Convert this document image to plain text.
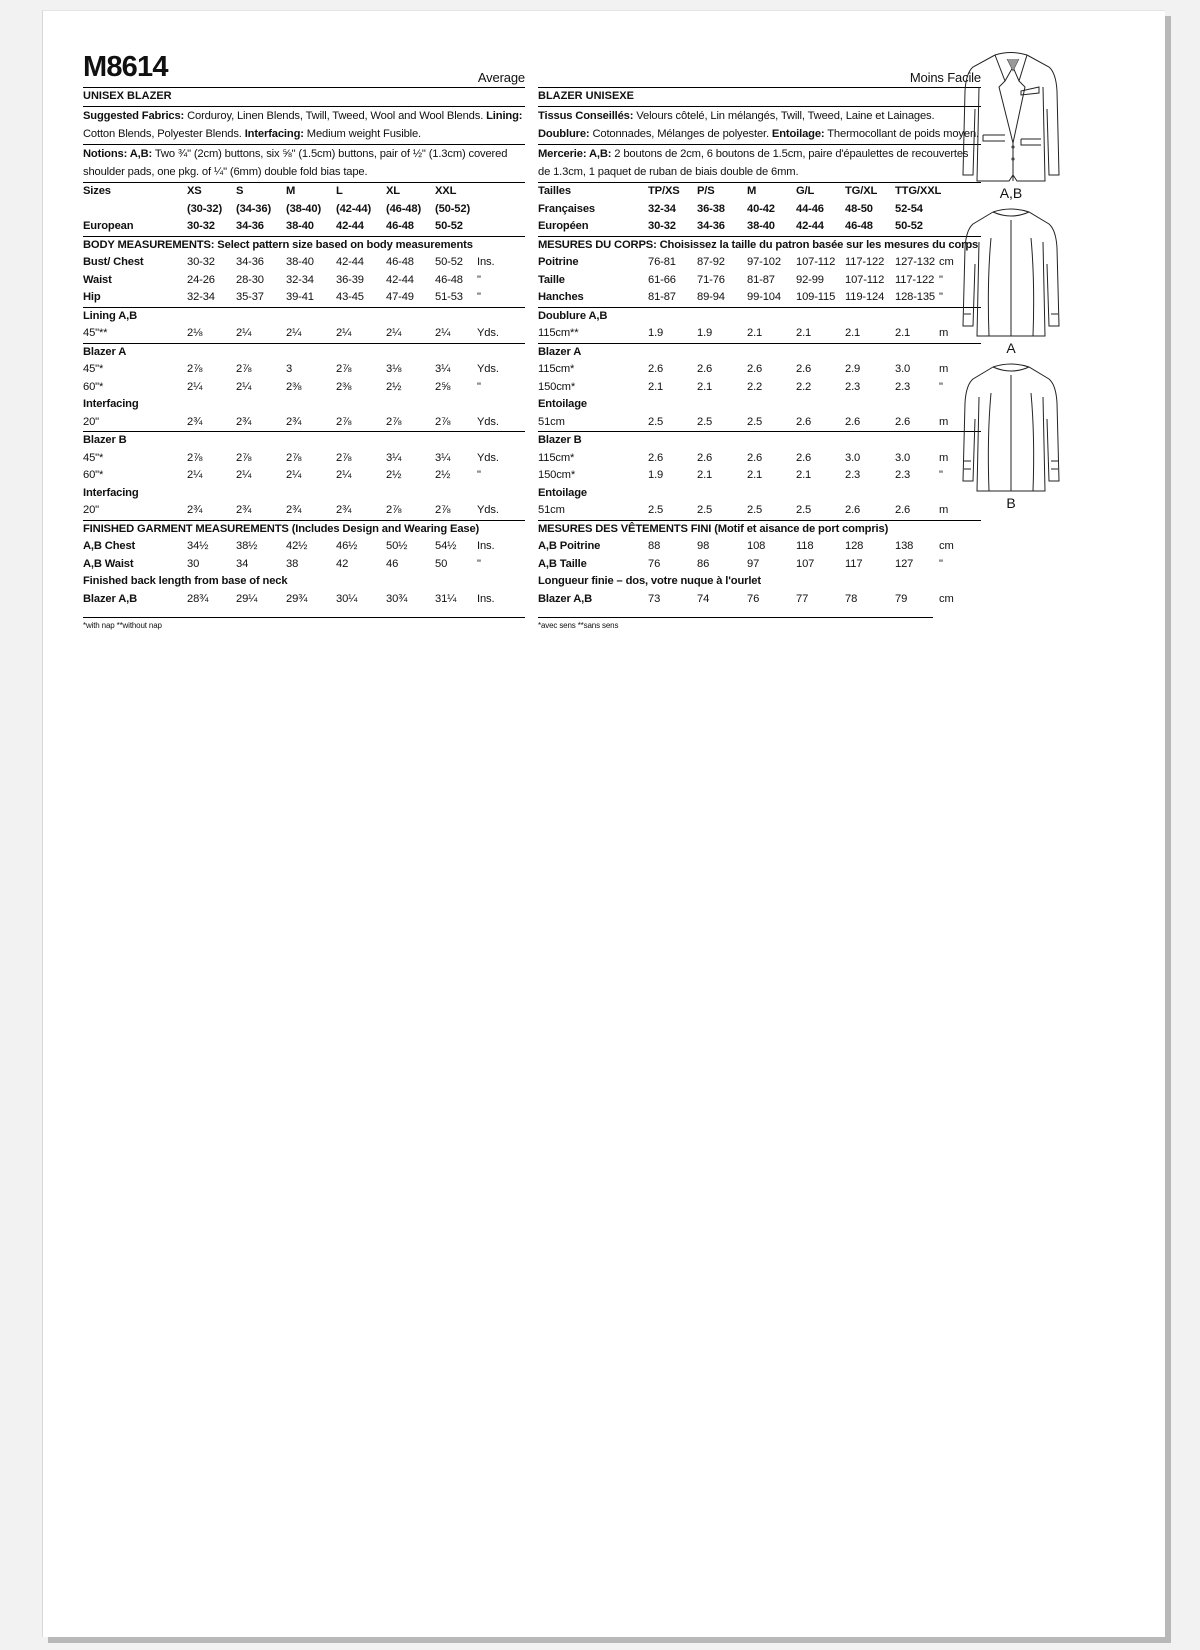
M8614	Average
UNISEX BLAZER
Suggested Fabrics: Corduroy, Linen Blends, Twill, Tweed, Wool and Wool Blends. Lining: Cotton Blends, Polyester Blends. Interfacing: Medium weight Fusible.
Notions: A,B: Two ¾" (2cm) buttons, six ⅝" (1.5cm) buttons, pair of ½" (1.3cm) covered shoulder pads, one pkg. of ¼" (6mm) double fold bias tape.
Sizes	XS	S	M	L	XL	XXL
(30-32) (34-36) (38-40) (42-44) (46-48) (50-52)
European	30-32 34-36 38-40 42-44 46-48 50-52
BODY MEASUREMENTS: Select pattern size based on body measurements
Bust/ Chest	30-32 34-36 38-40 42-44 46-48 50-52 Ins.
Waist	24-26 28-30 32-34 36-39 42-44 46-48 "
Hip	32-34 35-37 39-41 43-45 47-49 51-53 "
Lining A,B
45"**	2⅛	2¼	2¼	2¼	2¼	2¼ Yds.
Blazer A
45"*	2⅞	2⅞	3	2⅞	3⅛	3¼ Yds.
60"*	2¼	2¼	2⅜	2⅜	2½	2⅝ "
Interfacing
20"	2¾	2¾	2¾	2⅞	2⅞	2⅞ Yds.
Blazer B
45"*	2⅞	2⅞	2⅞	2⅞	3¼	3¼ Yds.
60"*	2¼	2¼	2¼	2¼	2½	2½ "
Interfacing
20"	2¾	2¾	2¾	2¾	2⅞	2⅞ Yds.
FINISHED GARMENT MEASUREMENTS (Includes Design and Wearing Ease)
A,B Chest	34½ 38½	42½	46½	50½ 54½ Ins.
A,B Waist	30	34	38	42	46	50	"
Finished back length from base of neck
Blazer A,B	28¾ 29¼	29¾	30¼	30¾ 31¼ Ins.
*with nap **without nap
Moins Facile
BLAZER UNISEXE
Tissus Conseillés: Velours côtelé, Lin mélangés, Twill, Tweed, Laine et Lainages. Doublure: Cotonnades, Mélanges de polyester. Entoilage: Thermocollant de poids moyen.
Mercerie: A,B: 2 boutons de 2cm, 6 boutons de 1.5cm, paire d'épaulettes de recouvertes de 1.3cm, 1 paquet de ruban de biais double de 6mm.
Tailles	TP/XS P/S	M	G/L	TG/XL TTG/XXL
Françaises	32-34 36-38 40-42 44-46 48-50 52-54
Européen	30-32 34-36 38-40 42-44 46-48 50-52
MESURES DU CORPS: Choisissez la taille du patron basée sur les mesures du corps
Poitrine	76-81 87-92 97-102 107-112 117-122 127-132 cm
Taille	61-66 71-76 81-87 92-99 107-112 117-122 "
Hanches	81-87 89-94 99-104 109-115 119-124 128-135 "
Doublure A,B
115cm**	1.9	1.9	2.1	2.1	2.1	2.1	m
Blazer A
115cm*	2.6	2.6	2.6	2.6	2.9	3.0	m
150cm*	2.1	2.1	2.2	2.2	2.3	2.3	"
Entoilage
51cm	2.5	2.5	2.5	2.6	2.6	2.6	m
Blazer B
115cm*	2.6	2.6	2.6	2.6	3.0	3.0	m
150cm*	1.9	2.1	2.1	2.1	2.3	2.3	"
Entoilage
51cm	2.5	2.5	2.5	2.5	2.6	2.6	m
MESURES DES VÊTEMENTS FINI (Motif et aisance de port compris)
A,B Poitrine	88	98	108	118	128	138 cm
A,B Taille	76	86	97	107	117	127 "
Longueur finie – dos, votre nuque à l'ourlet
Blazer A,B	73	74	76	77	78	79	cm
*avec sens **sans sens
A,B
A
B
